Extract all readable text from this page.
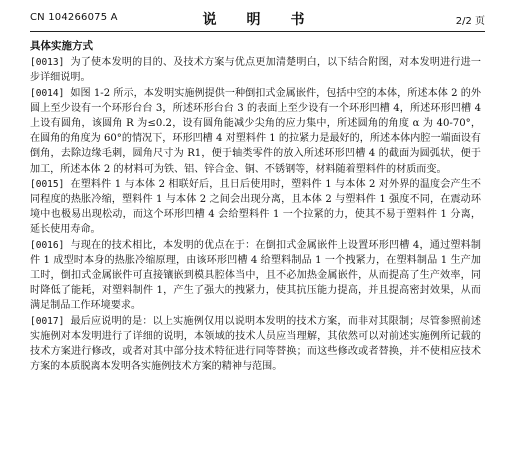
CN 104266075 A	说　明　书	2/2 页
具体实施方式

[0013] 为了使本发明的目的、及技术方案与优点更加清楚明白，以下结合附图，对本发明进行进一步详细说明。

[0014] 如图 1-2 所示，本发明实施例提供一种倒扣式金属嵌件，包括中空的本体，所述本体 2 的外圆上至少设有一个环形台台 3，所述环形台台 3 的表面上至少设有一个环形凹槽 4，所述环形凹槽 4 上设有圆角，该圆角 R 为≤0.2，设有圆角能减少尖角的应力集中，所述圆角的角度 α 为 40-70°，在圆角的角度为 60°的情况下，环形凹槽 4 对塑料件 1 的拉紧力是最好的，所述本体内腔一端面设有倒角，去除边缘毛刺，圆角尺寸为 R1，便于轴类零件的放入所述环形凹槽 4 的截面为圆弧状，便于加工，所述本体 2 的材料可为铁、铝、锌合金、铜、不锈钢等，材料随着塑料件的材质而变。

[0015] 在塑料件 1 与本体 2 相联好后，且日后使用时，塑料件 1 与本体 2 对外界的温度会产生不同程度的热胀冷缩，塑料件 1 与本体 2 之间会出现分离，且本体 2 与塑料件 1 强度不同，在震动环境中也极易出现松动，而这个环形凹槽 4 会给塑料件 1 一个拉紧的力，使其不易于塑料件 1 分离，延长使用寿命。

[0016] 与现在的技术相比，本发明的优点在于：在倒扣式金属嵌件上设置环形凹槽 4，通过塑料制件 1 成型时本身的热胀冷缩原理，由该环形凹槽 4 给塑料制品 1 一个拽紧力，在塑料制品 1 生产加工时，倒扣式金属嵌件可直接镶嵌到模具腔体当中，且不必加热金属嵌件，从而提高了生产效率，同时降低了能耗，对塑料制件 1，产生了强大的拽紧力，使其抗压能力提高，并且提高密封效果，从而满足制品工作环境要求。

[0017] 最后应说明的是：以上实施例仅用以说明本发明的技术方案，而非对其限制；尽管参照前述实施例对本发明进行了详细的说明，本领域的技术人员应当理解，其依然可以对前述实施例所记载的技术方案进行修改，或者对其中部分技术特征进行同等替换；而这些修改或者替换，并不使相应技术方案的本质脱离本发明各实施例技术方案的精神与范围。
